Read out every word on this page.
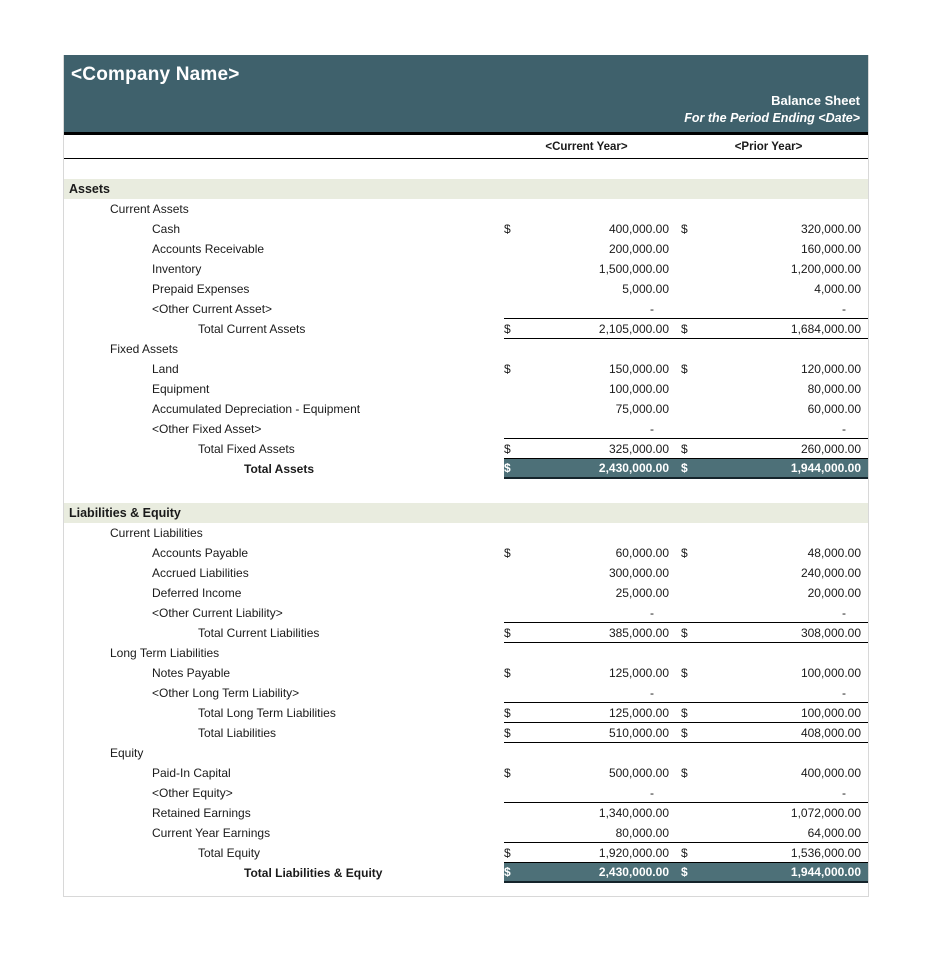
<Company Name>
Balance Sheet
For the Period Ending <Date>
<Current Year>	<Prior Year>
Assets
Current Assets
Cash	$	400,000.00 $	320,000.00
Accounts Receivable	200,000.00	160,000.00
Inventory	1,500,000.00	1,200,000.00
Prepaid Expenses	5,000.00	4,000.00
<Other Current Asset>	-	-
Total Current Assets	$	2,105,000.00 $	1,684,000.00
Fixed Assets
Land	$	150,000.00 $	120,000.00
Equipment	100,000.00	80,000.00
Accumulated Depreciation - Equipment	75,000.00	60,000.00
<Other Fixed Asset>	-	-
Total Fixed Assets	$	325,000.00 $	260,000.00
Total Assets	$	2,430,000.00 $	1,944,000.00
Liabilities & Equity
Current Liabilities
Accounts Payable	$	60,000.00 $	48,000.00
Accrued Liabilities	300,000.00	240,000.00
Deferred Income	25,000.00	20,000.00
<Other Current Liability>	-	-
Total Current Liabilities	$	385,000.00 $	308,000.00
Long Term Liabilities
Notes Payable	$	125,000.00 $	100,000.00
<Other Long Term Liability>	-	-
Total Long Term Liabilities	$	125,000.00 $	100,000.00
Total Liabilities	$	510,000.00 $	408,000.00
Equity
Paid-In Capital	$	500,000.00 $	400,000.00
<Other Equity>	-	-
Retained Earnings	1,340,000.00	1,072,000.00
Current Year Earnings	80,000.00	64,000.00
Total Equity	$	1,920,000.00 $	1,536,000.00
Total Liabilities & Equity	$	2,430,000.00 $	1,944,000.00
